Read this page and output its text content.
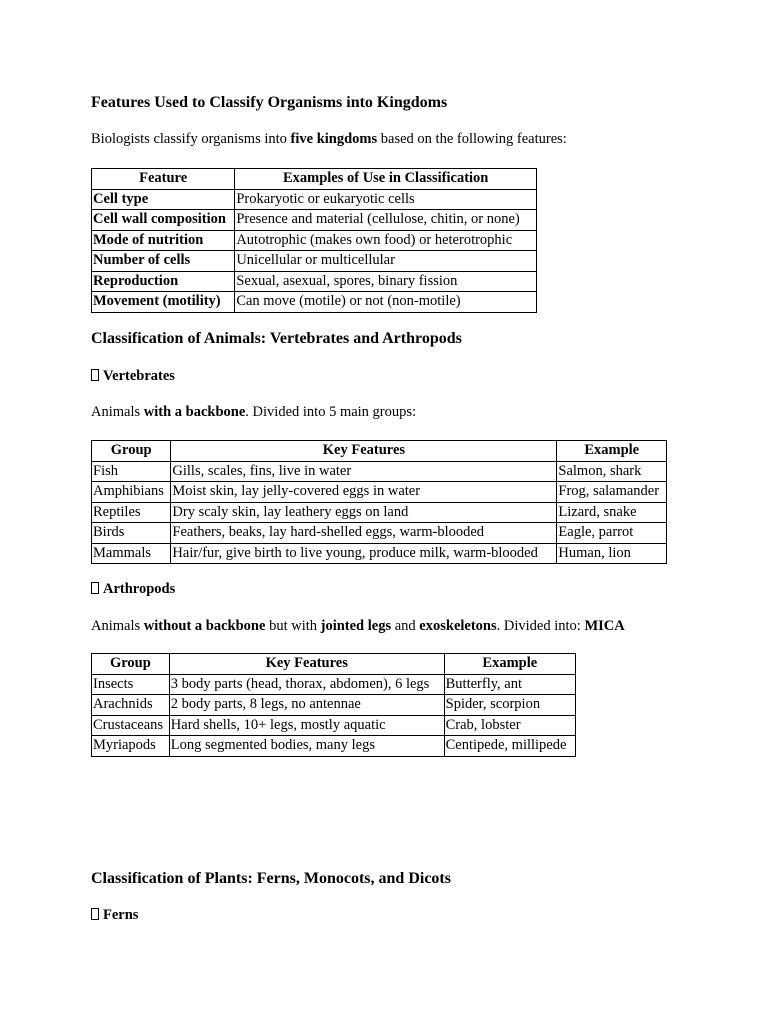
Features Used to Classify Organisms into Kingdoms

Biologists classify organisms into five kingdoms based on the following features:

Feature	Examples of Use in Classification
Cell type	Prokaryotic or eukaryotic cells
Cell wall composition	Presence and material (cellulose, chitin, or none)
Mode of nutrition	Autotrophic (makes own food) or heterotrophic
Number of cells	Unicellular or multicellular
Reproduction	Sexual, asexual, spores, binary fission
Movement (motility)	Can move (motile) or not (non-motile)
Classification of Animals: Vertebrates and Arthropods

Vertebrates

Animals with a backbone. Divided into 5 main groups:

Group	Key Features	Example
Fish	Gills, scales, fins, live in water	Salmon, shark
Amphibians	Moist skin, lay jelly-covered eggs in water	Frog, salamander
Reptiles	Dry scaly skin, lay leathery eggs on land	Lizard, snake
Birds	Feathers, beaks, lay hard-shelled eggs, warm-blooded	Eagle, parrot
Mammals	Hair/fur, give birth to live young, produce milk, warm-blooded	Human, lion

Arthropods

Animals without a backbone but with jointed legs and exoskeletons. Divided into: MICA

Group	Key Features	Example
Insects	3 body parts (head, thorax, abdomen), 6 legs	Butterfly, ant
Arachnids	2 body parts, 8 legs, no antennae	Spider, scorpion
Crustaceans	Hard shells, 10+ legs, mostly aquatic	Crab, lobster
Myriapods	Long segmented bodies, many legs	Centipede, millipede
Classification of Plants: Ferns, Monocots, and Dicots

Ferns
